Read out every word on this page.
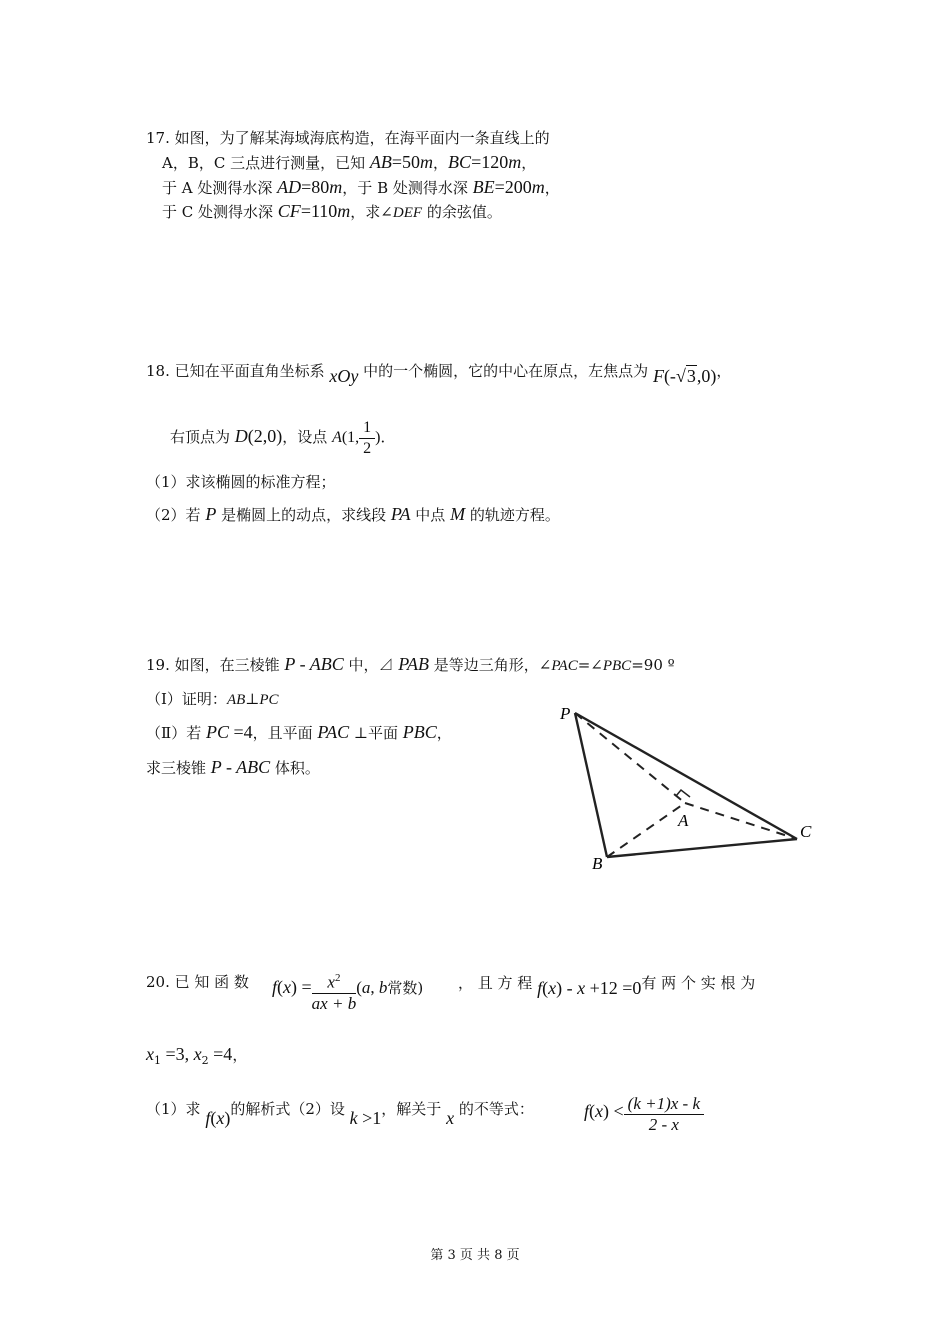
17. 如图，为了解某海域海底构造，在海平面内一条直线上的
A，B，C 三点进行测量，已知 AB=50m，BC=120m，
于 A 处测得水深 AD=80m，于 B 处测得水深 BE=200m，
于 C 处测得水深 CF=110m，求∠DEF 的余弦值。
18. 已知在平面直角坐标系 xOy 中的一个椭圆，它的中心在原点，左焦点为 F(-√3,0)，
右顶点为 D(2,0)，设点 A(1, $\frac{1}{2}$ )．
（1）求该椭圆的标准方程；
（2）若 P 是椭圆上的动点，求线段 PA 中点 M 的轨迹方程。
19. 如图，在三棱锥 P - ABC 中，⊿ PAB 是等边三角形，∠PAC=∠PBC=90 º
（Ⅰ）证明：AB⊥PC
（Ⅱ）若 PC =4，且平面 PAC ⊥平面 PBC，
求三棱锥 P - ABC 体积。
P
A
B
C
20. 已 知 函 数 $f(x) = \frac{x^2}{ax + b} (a$, b常数) ， 且 方 程 f(x) - x +12 =0有 两 个 实 根 为
$x_1 =3$, $x_2 =4$，
（1）求 f(x)的解析式（2）设 k >1，解关于 x 的不等式：	$f(x) < \frac{(k +1)x - k}{2 - x}$
第 3 页 共 8 页
